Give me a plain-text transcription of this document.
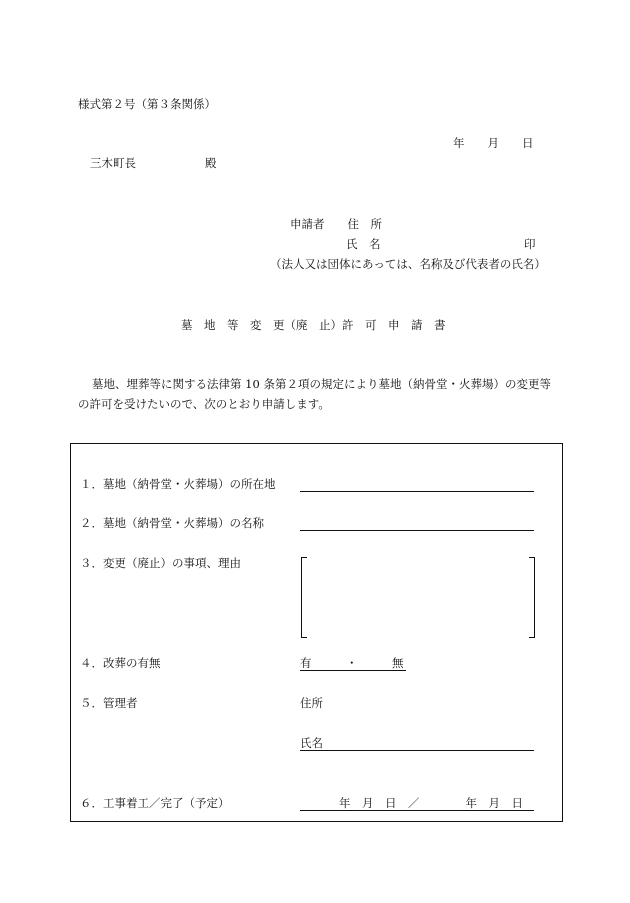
様式第２号（第３条関係）
年　　月　　日
三木町長　　　　　　殿
申請者　　住　所
氏　名	印
（法人又は団体にあっては、名称及び代表者の氏名）
墓　地　等　変　更（廃　止）許　可　申　請　書
墓地、埋葬等に関する法律第 10 条第２項の規定により墓地（納骨堂・火葬場）の変更等
の許可を受けたいので、次のとおり申請します。
１．墓地（納骨堂・火葬場）の所在地
２．墓地（納骨堂・火葬場）の名称
３．変更（廃止）の事項、理由
４．改葬の有無	有　　　・　　　無
５．管理者	住所
氏名
６．工事着工／完了（予定）	年　月　日　／　　　　年　月　日
